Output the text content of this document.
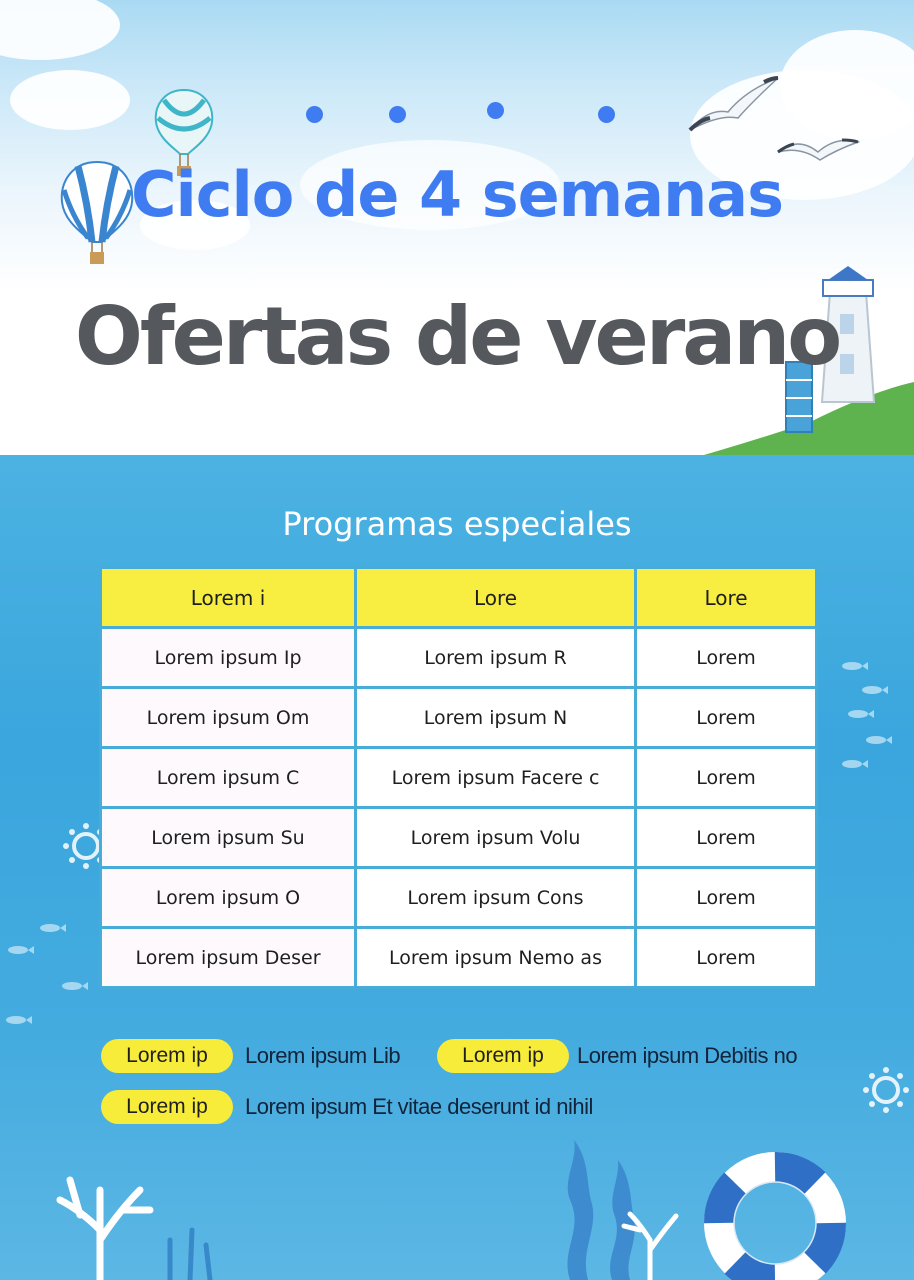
Ciclo de 4 semanas
Ofertas de verano
Programas especiales
Lorem i	Lore	Lore
Lorem ipsum Ip	Lorem ipsum R	Lorem
Lorem ipsum Om	Lorem ipsum N	Lorem
Lorem ipsum C	Lorem ipsum Facere c	Lorem
Lorem ipsum Su	Lorem ipsum Volu	Lorem
Lorem ipsum O	Lorem ipsum Cons	Lorem
Lorem ipsum Deser	Lorem ipsum Nemo as	Lorem
Lorem ip	Lorem ipsum Lib	Lorem ip	Lorem ipsum Debitis no
Lorem ip	Lorem ipsum Et vitae deserunt id nihil
